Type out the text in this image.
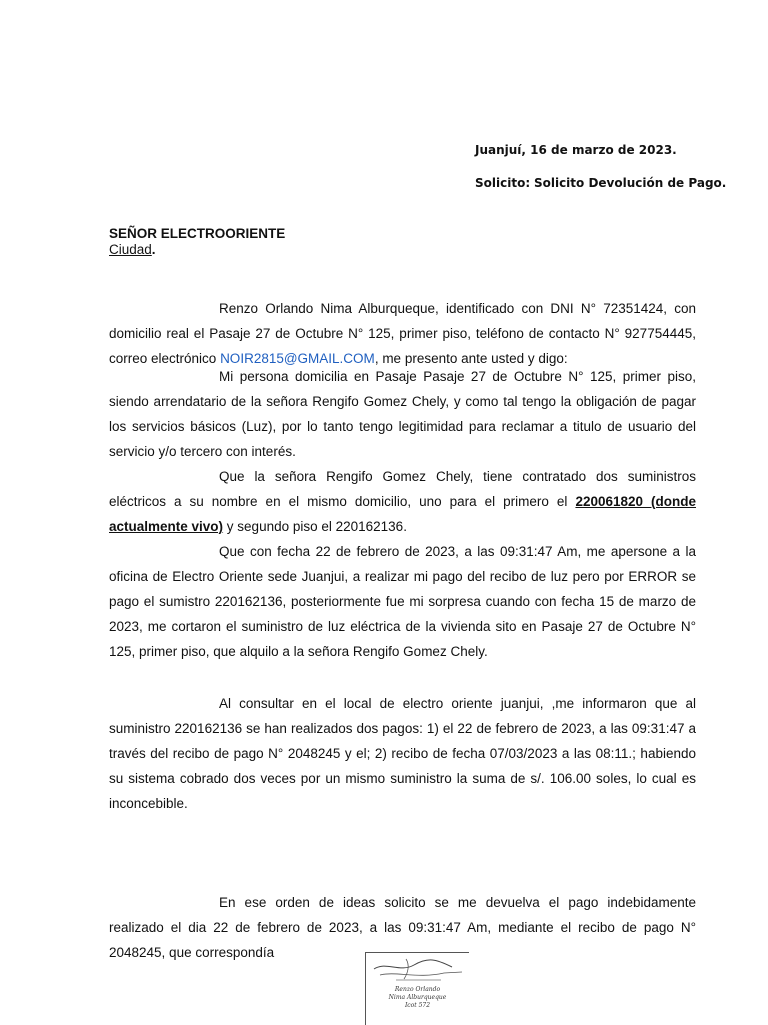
Juanjuí, 16 de marzo de 2023.
Solicito: Solicito Devolución de Pago.
SEÑOR ELECTROORIENTE
Ciudad.
Renzo Orlando Nima Alburqueque, identificado con DNI N° 72351424, con domicilio real el Pasaje 27 de Octubre N° 125, primer piso, teléfono de contacto N° 927754445, correo electrónico NOIR2815@GMAIL.COM, me presento ante usted y digo:
Mi persona domicilia en Pasaje Pasaje 27 de Octubre N° 125, primer piso, siendo arrendatario de la señora Rengifo Gomez Chely, y como tal tengo la obligación de pagar los servicios básicos (Luz), por lo tanto tengo legitimidad para reclamar a titulo de usuario del servicio y/o tercero con interés.
Que la señora Rengifo Gomez Chely, tiene contratado dos suministros eléctricos a su nombre en el mismo domicilio, uno para el primero el 220061820 (donde actualmente vivo) y segundo piso el 220162136.
Que con fecha 22 de febrero de 2023, a las 09:31:47 Am, me apersone a la oficina de Electro Oriente sede Juanjui, a realizar mi pago del recibo de luz pero por ERROR se pago el sumistro 220162136, posteriormente fue mi sorpresa cuando con fecha 15 de marzo de 2023, me cortaron el suministro de luz eléctrica de la vivienda sito en Pasaje 27 de Octubre N° 125, primer piso, que alquilo a la señora Rengifo Gomez Chely.
Al consultar en el local de electro oriente juanjui, ,me informaron que al suministro 220162136 se han realizados dos pagos: 1) el 22 de febrero de 2023, a las 09:31:47 a través del recibo de pago N° 2048245 y el; 2) recibo de fecha 07/03/2023 a las 08:11.; habiendo su sistema cobrado dos veces por un mismo suministro la suma de s/. 106.00 soles, lo cual es inconcebible.
En ese orden de ideas solicito se me devuelva el pago indebidamente realizado el dia 22 de febrero de 2023, a las 09:31:47 Am, mediante el recibo de pago N° 2048245, que correspondía
Renzo Orlando
Nima Alburqueque
Icot 572
